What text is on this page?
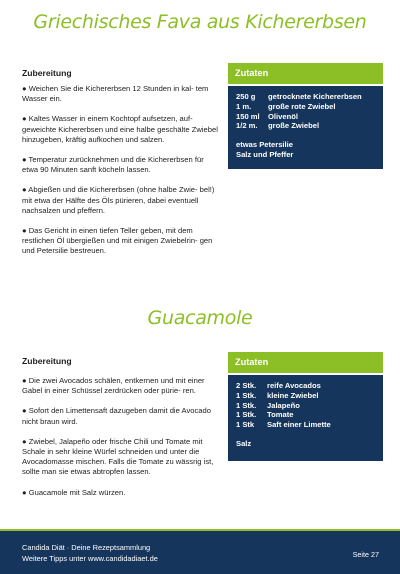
Griechisches Fava aus Kichererbsen
Zubereitung

● Weichen Sie die Kichererbsen 12 Stunden in kal- tem Wasser ein.

● Kaltes Wasser in einem Kochtopf aufsetzen, auf- geweichte Kichererbsen und eine halbe geschälte Zwiebel hinzugeben, kräftig aufkochen und salzen.

● Temperatur zurücknehmen und die Kichererbsen für etwa 90 Minuten sanft köcheln lassen.

● Abgießen und die Kichererbsen (ohne halbe Zwie- bel!) mit etwa der Hälfte des Öls pürieren, dabei eventuell nachsalzen und pfeffern.

● Das Gericht in einen tiefen Teller geben, mit dem restlichen Öl übergießen und mit einigen Zwiebelrin- gen und Petersilie bestreuen.

Zutaten
250 g	getrocknete Kichererbsen
1 m.	große rote Zwiebel
150 ml	Olivenöl
1/2 m.	große Zwiebel
etwas Petersilie
Salz und Pfeffer
Guacamole
Zubereitung

● Die zwei Avocados schälen, entkernen und mit einer Gabel in einer Schüssel zerdrücken oder pürie- ren.

● Sofort den Limettensaft dazugeben damit die Avocado nicht braun wird.

● Zwiebel, Jalapeño oder frische Chili und Tomate mit Schale in sehr kleine Würfel schneiden und unter die Avocadomasse mischen. Falls die Tomate zu wässrig ist, sollte man sie etwas abtropfen lassen.

● Guacamole mit Salz würzen.

Zutaten
2 Stk.	reife Avocados
1 Stk.	kleine Zwiebel
1 Stk.	Jalapeño
1 Stk.	Tomate
1 Stk	Saft einer Limette
Salz
Candida Diät · Deine Rezeptsammlung
Weitere Tipps unter www.candidadiaet.de	Seite 27
